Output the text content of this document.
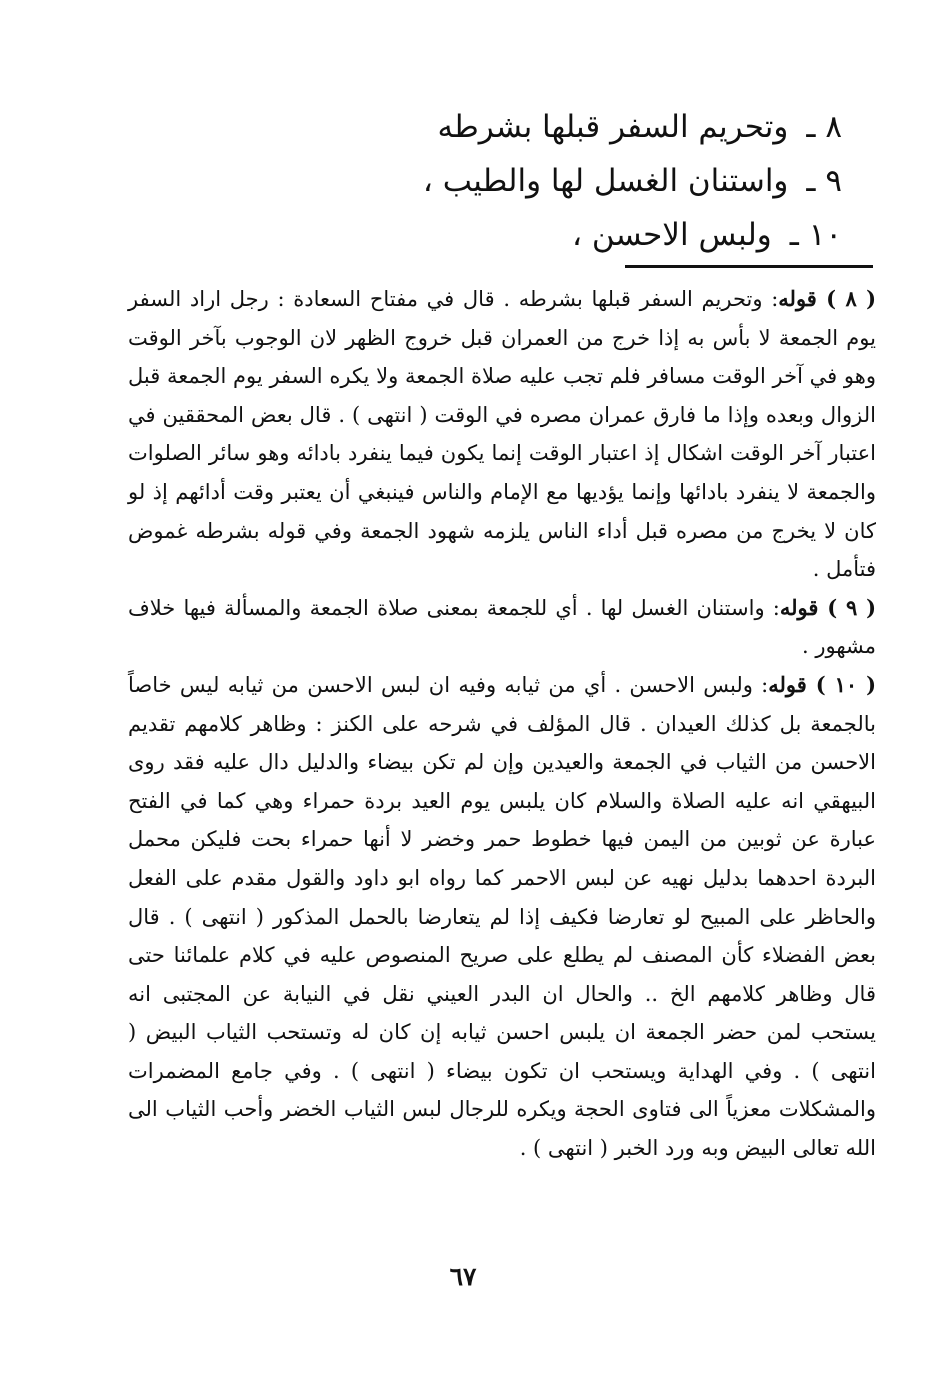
٨ ـوتحريم السفر قبلها بشرطه
٩ ـواستنان الغسل لها والطيب ،
١٠ ـولبس الاحسن ،

( ٨ ) قوله: وتحريم السفر قبلها بشرطه . قال في مفتاح السعادة : رجل اراد السفر يوم الجمعة لا بأس به إذا خرج من العمران قبل خروج الظهر لان الوجوب بآخر الوقت وهو في آخر الوقت مسافر فلم تجب عليه صلاة الجمعة ولا يكره السفر يوم الجمعة قبل الزوال وبعده وإذا ما فارق عمران مصره في الوقت ( انتهى ) . قال بعض المحققين في اعتبار آخر الوقت اشكال إذ اعتبار الوقت إنما يكون فيما ينفرد بادائه وهو سائر الصلوات والجمعة لا ينفرد بادائها وإنما يؤديها مع الإمام والناس فينبغي أن يعتبر وقت أدائهم إذ لو كان لا يخرج من مصره قبل أداء الناس يلزمه شهود الجمعة وفي قوله بشرطه غموض فتأمل .

( ٩ ) قوله: واستنان الغسل لها . أي للجمعة بمعنى صلاة الجمعة والمسألة فيها خلاف مشهور .

( ١٠ ) قوله: ولبس الاحسن . أي من ثيابه وفيه ان لبس الاحسن من ثيابه ليس خاصاً بالجمعة بل كذلك العيدان . قال المؤلف في شرحه على الكنز : وظاهر كلامهم تقديم الاحسن من الثياب في الجمعة والعيدين وإن لم تكن بيضاء والدليل دال عليه فقد روى البيهقي انه عليه الصلاة والسلام كان يلبس يوم العيد بردة حمراء وهي كما في الفتح عبارة عن ثوبين من اليمن فيها خطوط حمر وخضر لا أنها حمراء بحت فليكن محمل البردة احدهما بدليل نهيه عن لبس الاحمر كما رواه ابو داود والقول مقدم على الفعل والحاظر على المبيح لو تعارضا فكيف إذا لم يتعارضا بالحمل المذكور ( انتهى ) . قال بعض الفضلاء كأن المصنف لم يطلع على صريح المنصوص عليه في كلام علمائنا حتى قال وظاهر كلامهم الخ .. والحال ان البدر العيني نقل في النيابة عن المجتبى انه يستحب لمن حضر الجمعة ان يلبس احسن ثيابه إن كان له وتستحب الثياب البيض ( انتهى ) . وفي الهداية ويستحب ان تكون بيضاء ( انتهى ) . وفي جامع المضمرات والمشكلات معزياً الى فتاوى الحجة ويكره للرجال لبس الثياب الخضر وأحب الثياب الى الله تعالى البيض وبه ورد الخبر ( انتهى ) .

٦٧
